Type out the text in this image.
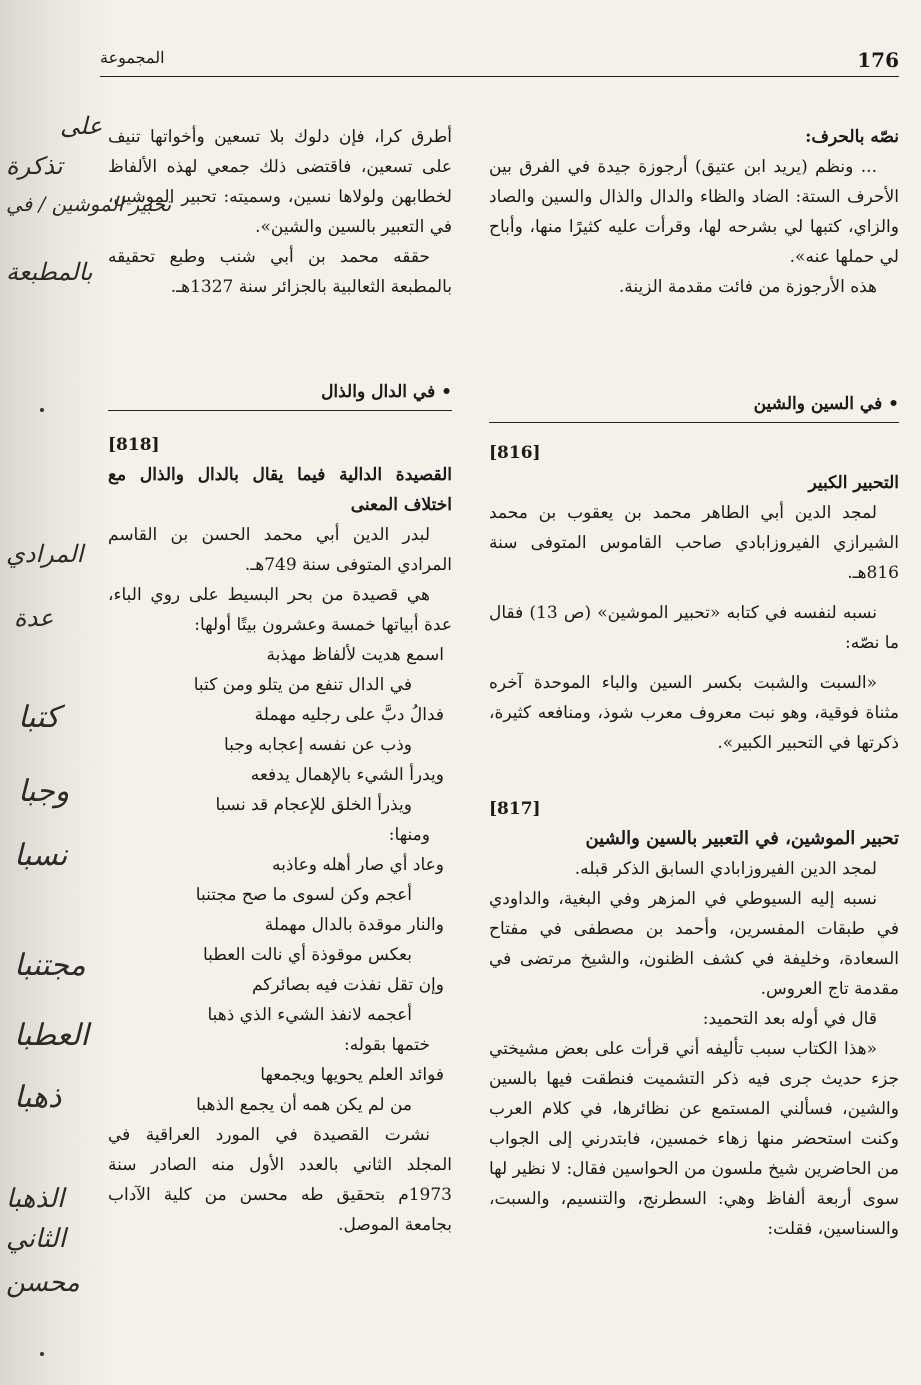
176
المجموعة

نصّه بالحرف:

... ونظم (يريد ابن عتيق) أرجوزة جيدة في الفرق بين الأحرف الستة: الضاد والظاء والدال والذال والسين والصاد والزاي، كتبها لي بشرحه لها، وقرأت عليه كثيرًا منها، وأباح لي حملها عنه».

هذه الأرجوزة من فائت مقدمة الزينة.

• في السين والشين

[816]

التحبير الكبير

لمجد الدين أبي الطاهر محمد بن يعقوب بن محمد الشيرازي الفيروزابادي صاحب القاموس المتوفى سنة 816هـ.

نسبه لنفسه في كتابه «تحبير الموشين» (ص 13) فقال ما نصّه:

«السبت والشبت بكسر السين والباء الموحدة آخره مثناة فوقية، وهو نبت معروف معرب شوذ، ومنافعه كثيرة، ذكرتها في التحبير الكبير».

[817]

تحبير الموشين، في التعبير بالسين والشين

لمجد الدين الفيروزابادي السابق الذكر قبله.

نسبه إليه السيوطي في المزهر وفي البغية، والداودي في طبقات المفسرين، وأحمد بن مصطفى في مفتاح السعادة، وخليفة في كشف الظنون، والشيخ مرتضى في مقدمة تاج العروس.

قال في أوله بعد التحميد:

«هذا الكتاب سبب تأليفه أني قرأت على بعض مشيختي جزء حديث جرى فيه ذكر التشميت فنطقت فيها بالسين والشين، فسألني المستمع عن نظائرها، في كلام العرب وكنت استحضر منها زهاء خمسين، فابتدرني إلى الجواب من الحاضرين شيخ ملسون من الحواسين فقال: لا نظير لها سوى أربعة ألفاظ وهي: السطرنج، والتنسيم، والسبت، والسناسين، فقلت:

أطرق كرا، فإن دلوك بلا تسعين وأخواتها تنيف على تسعين، فاقتضى ذلك جمعي لهذه الألفاظ لخطابهن ولولاها نسين، وسميته: تحبير الموشين، في التعبير بالسين والشين».

حققه محمد بن أبي شنب وطبع تحقيقه بالمطبعة الثعالبية بالجزائر سنة 1327هـ.

• في الدال والذال

[818]

القصيدة الدالية فيما يقال بالدال والذال مع اختلاف المعنى

لبدر الدين أبي محمد الحسن بن القاسم المرادي المتوفى سنة 749هـ.

هي قصيدة من بحر البسيط على روي الباء، عدة أبياتها خمسة وعشرون بيتًا أولها:

اسمع هديت لألفاظ مهذبة

في الدال تنفع من يتلو ومن كتبا

فدالُ دبَّ على رجليه مهملة

وذب عن نفسه إعجابه وجبا

ويدرأ الشيء بالإهمال يدفعه

ويذرأ الخلق للإعجام قد نسبا

ومنها:

وعاد أي صار أهله وعاذبه

أعجم وكن لسوى ما صح مجتنبا

والنار موقدة بالدال مهملة

بعكس موقوذة أي نالت العطبا

وإن تقل نفذت فيه بصائركم

أعجمه لانفذ الشيء الذي ذهبا

ختمها بقوله:

فوائد العلم يحويها ويجمعها

من لم يكن همه أن يجمع الذهبا

نشرت القصيدة في المورد العراقية في المجلد الثاني بالعدد الأول منه الصادر سنة 1973م بتحقيق طه محسن من كلية الآداب بجامعة الموصل.

على
تذكرة
تحبير الموشين / في
بالمطبعة
المرادي
عدة
كتبا
وجبا
نسبا
مجتنبا
العطبا
ذهبا
الذهبا
الثاني
محسن
